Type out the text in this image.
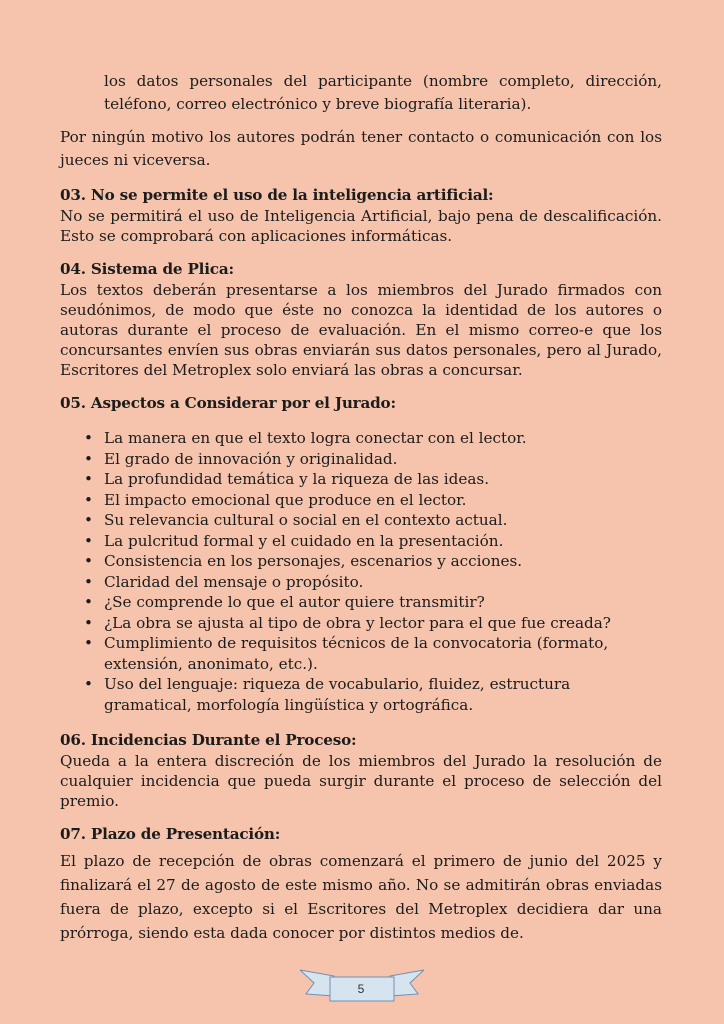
los datos personales del participante (nombre completo, dirección, teléfono, correo electrónico y breve biografía literaria).

Por ningún motivo los autores podrán tener contacto o comunicación con los jueces ni viceversa.

03. No se permite el uso de la inteligencia artificial:

No se permitirá el uso de Inteligencia Artificial, bajo pena de descalificación. Esto se comprobará con aplicaciones informáticas.

04. Sistema de Plica:

Los textos deberán presentarse a los miembros del Jurado firmados con seudónimos, de modo que éste no conozca la identidad de los autores o autoras durante el proceso de evaluación. En el mismo correo-e que los concursantes envíen sus obras enviarán sus datos personales, pero al Jurado, Escritores del Metroplex solo enviará las obras a concursar.

05. Aspectos a Considerar por el Jurado:

• La manera en que el texto logra conectar con el lector.
• El grado de innovación y originalidad.
• La profundidad temática y la riqueza de las ideas.
• El impacto emocional que produce en el lector.
• Su relevancia cultural o social en el contexto actual.
• La pulcritud formal y el cuidado en la presentación.
• Consistencia en los personajes, escenarios y acciones.
• Claridad del mensaje o propósito.
• ¿Se comprende lo que el autor quiere transmitir?
• ¿La obra se ajusta al tipo de obra y lector para el que fue creada?
• Cumplimiento de requisitos técnicos de la convocatoria (formato, extensión, anonimato, etc.).
• Uso del lenguaje: riqueza de vocabulario, fluidez, estructura gramatical, morfología lingüística y ortográfica.

06. Incidencias Durante el Proceso:

Queda a la entera discreción de los miembros del Jurado la resolución de cualquier incidencia que pueda surgir durante el proceso de selección del premio.

07. Plazo de Presentación:

El plazo de recepción de obras comenzará el primero de junio del 2025 y finalizará el 27 de agosto de este mismo año. No se admitirán obras enviadas fuera de plazo, excepto si el Escritores del Metroplex decidiera dar una prórroga, siendo esta dada conocer por distintos medios de.

5
